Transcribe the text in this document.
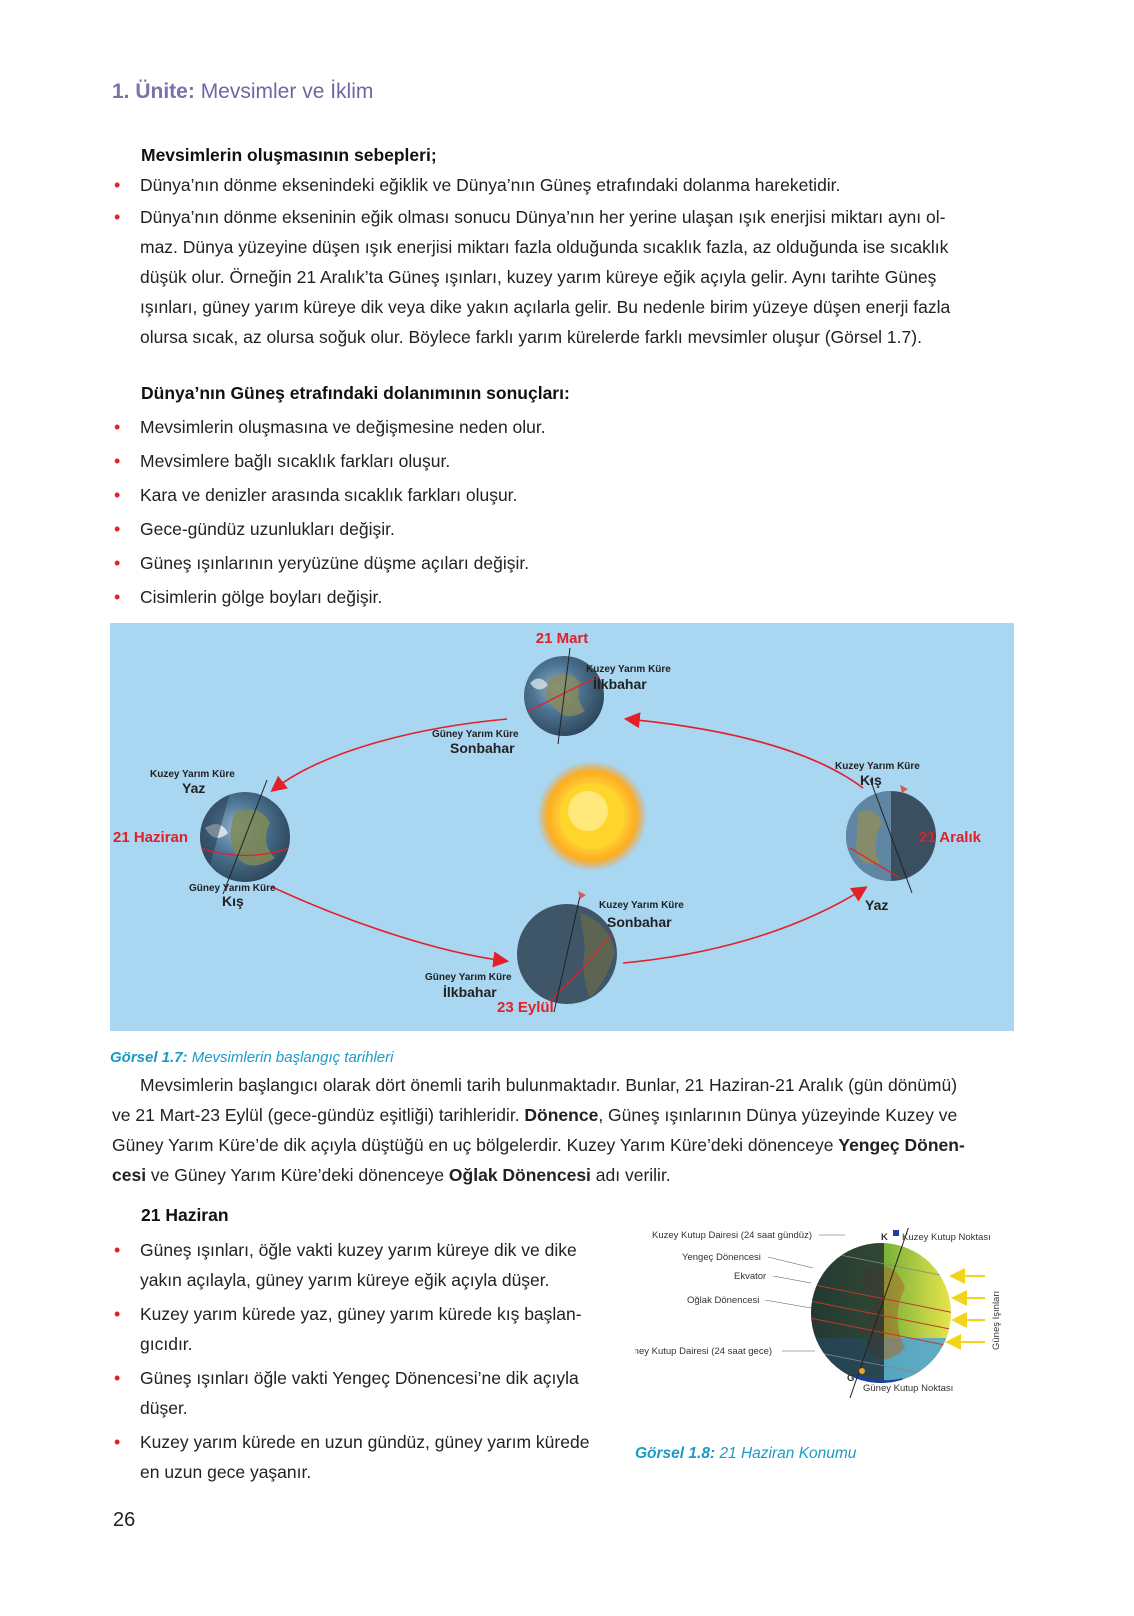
1. Ünite: Mevsimler ve İklim
Mevsimlerin oluşmasının sebepleri;
• Dünya’nın dönme eksenindeki eğiklik ve Dünya’nın Güneş etrafındaki dolanma hareketidir.
• Dünya’nın dönme ekseninin eğik olması sonucu Dünya’nın her yerine ulaşan ışık enerjisi miktarı aynı ol-
maz. Dünya yüzeyine düşen ışık enerjisi miktarı fazla olduğunda sıcaklık fazla, az olduğunda ise sıcaklık
düşük olur. Örneğin 21 Aralık’ta Güneş ışınları, kuzey yarım küreye eğik açıyla gelir. Aynı tarihte Güneş
ışınları, güney yarım küreye dik veya dike yakın açılarla gelir. Bu nedenle birim yüzeye düşen enerji fazla
olursa sıcak, az olursa soğuk olur. Böylece farklı yarım kürelerde farklı mevsimler oluşur (Görsel 1.7).
Dünya’nın Güneş etrafındaki dolanımının sonuçları:
• Mevsimlerin oluşmasına ve değişmesine neden olur.
• Mevsimlere bağlı sıcaklık farkları oluşur.
• Kara ve denizler arasında sıcaklık farkları oluşur.
• Gece-gündüz uzunlukları değişir.
• Güneş ışınlarının yeryüzüne düşme açıları değişir.
• Cisimlerin gölge boyları değişir.
21 Mart
Kuzey Yarım Küre
İlkbahar
Güney Yarım Küre
Sonbahar
Kuzey Yarım Küre
Yaz
21 Haziran
Güney Yarım Küre
Kış
Kuzey Yarım Küre
Kış
21 Aralık
Yaz
Kuzey Yarım Küre
Sonbahar
Güney Yarım Küre
İlkbahar
23 Eylül
Görsel 1.7: Mevsimlerin başlangıç tarihleri
Mevsimlerin başlangıcı olarak dört önemli tarih bulunmaktadır. Bunlar, 21 Haziran-21 Aralık (gün dönümü)
ve 21 Mart-23 Eylül (gece-gündüz eşitliği) tarihleridir. Dönence, Güneş ışınlarının Dünya yüzeyinde Kuzey ve
Güney Yarım Küre’de dik açıyla düştüğü en uç bölgelerdir. Kuzey Yarım Küre’deki dönenceye Yengeç Dönen-
cesi ve Güney Yarım Küre’deki dönenceye Oğlak Dönencesi adı verilir.
21 Haziran
• Güneş ışınları, öğle vakti kuzey yarım küreye dik ve dike
yakın açılayla, güney yarım küreye eğik açıyla düşer.
• Kuzey yarım kürede yaz, güney yarım kürede kış başlan-
gıcıdır.
• Güneş ışınları öğle vakti Yengeç Dönencesi’ne dik açıyla
düşer.
• Kuzey yarım kürede en uzun gündüz, güney yarım kürede
en uzun gece yaşanır.
Güneş Işınları
Kuzey Kutup Dairesi (24 saat gündüz)
Yengeç Dönencesi
Ekvator
Oğlak Dönencesi
Güney Kutup Dairesi (24 saat gece)
K Kuzey Kutup Noktası
G
Güney Kutup Noktası
Görsel 1.8: 21 Haziran Konumu
26
